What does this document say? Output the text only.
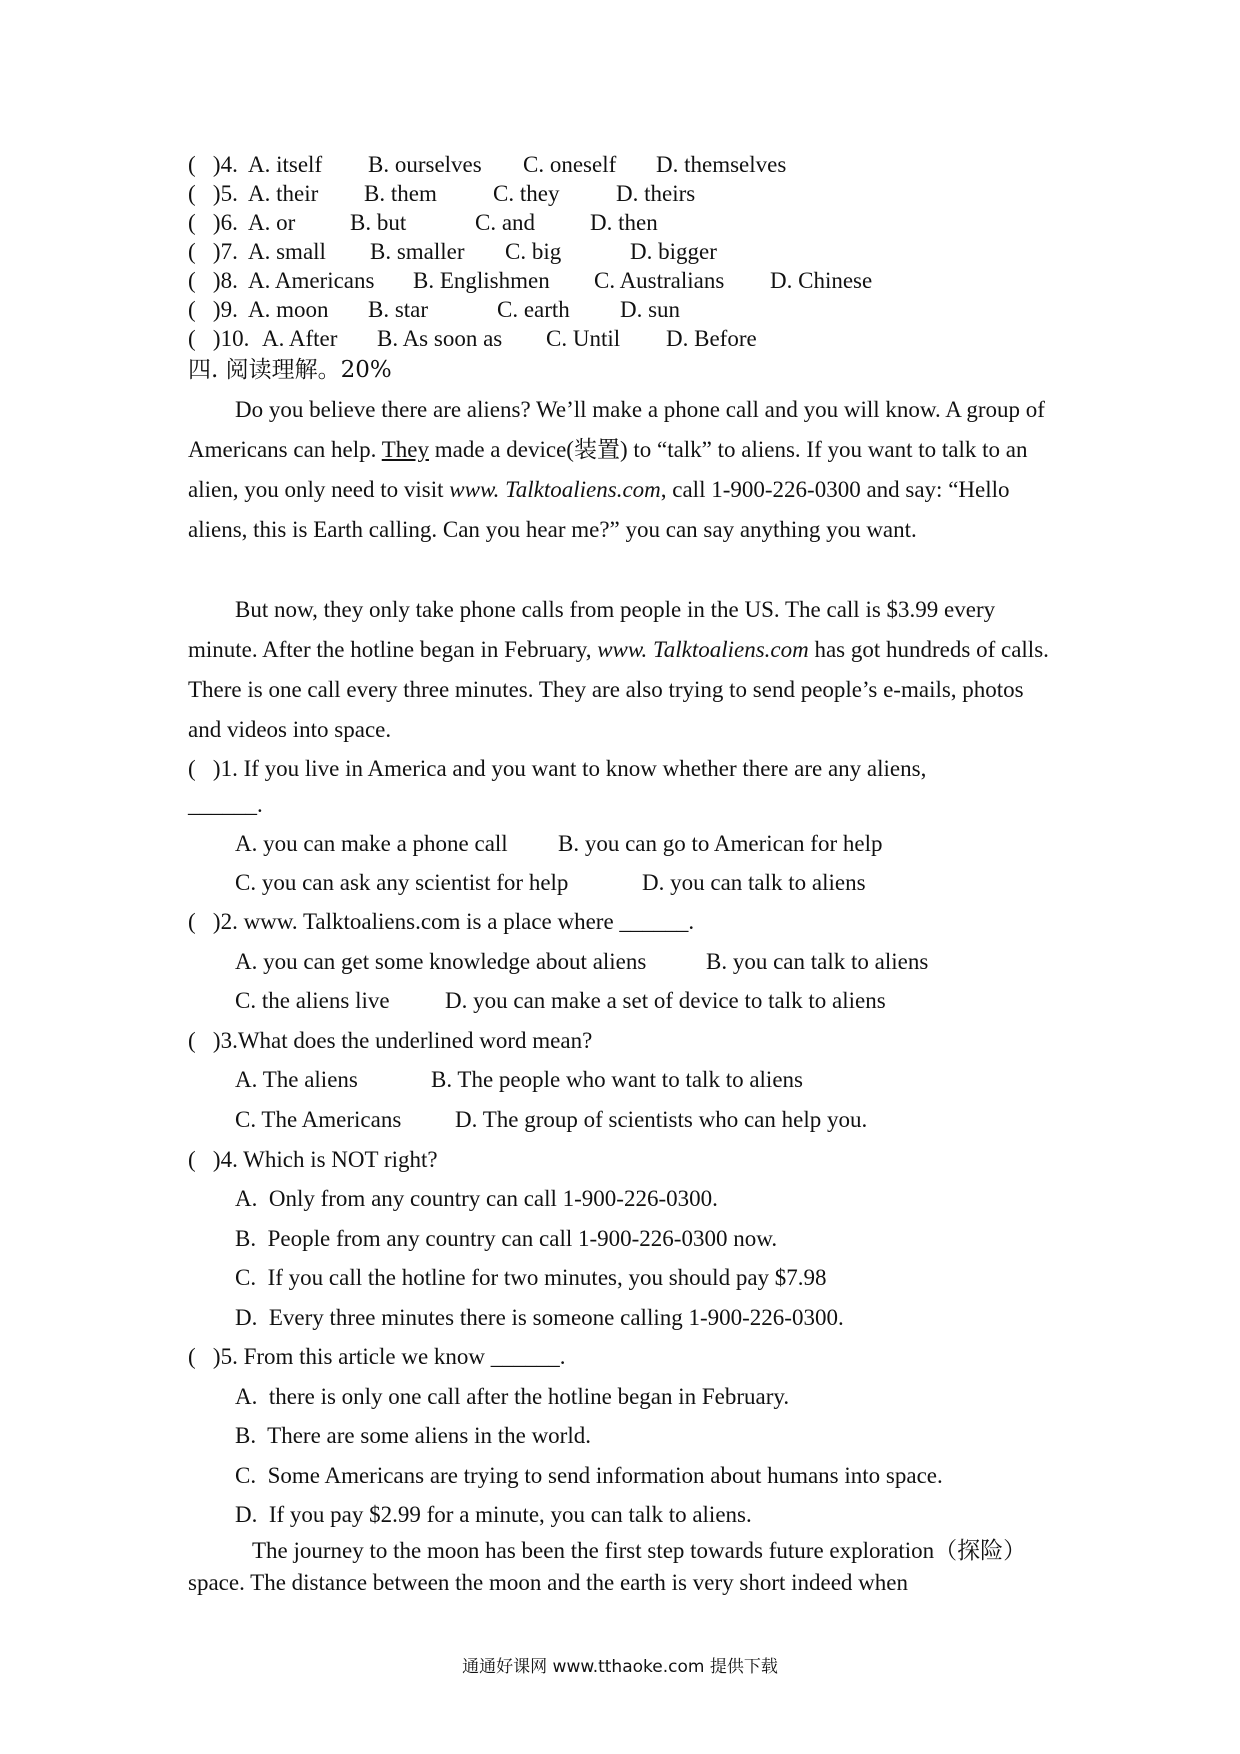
(   )4. A. itself B. ourselves C. oneself D. themselves
(   )5. A. their B. them C. they D. theirs
(   )6. A. or B. but	C. and D. then
(   )7. A. small B. smaller C. big	D. bigger
(   )8. A. Americans B. Englishmen C. Australians D. Chinese
(   )9. A. moon B. star	C. earth D. sun
(   )10. A. After B. As soon as C. Until D. Before
四. 阅读理解。20%
Do you believe there are aliens? We’ll make a phone call and you will know. A group of Americans can help. They made a device(装置) to “talk” to aliens. If you want to talk to an alien, you only need to visit www. Talktoaliens.com, call 1-900-226-0300 and say: “Hello aliens, this is Earth calling. Can you hear me?” you can say anything you want.
But now, they only take phone calls from people in the US. The call is $3.99 every minute. After the hotline began in February, www. Talktoaliens.com has got hundreds of calls. There is one call every three minutes. They are also trying to send people’s e-mails, photos and videos into space.
(   )1. If you live in America and you want to know whether there are any aliens,
______.
A. you can make a phone call B. you can go to American for help
C. you can ask any scientist for help	D. you can talk to aliens
(   )2. www. Talktoaliens.com is a place where ______.
A. you can get some knowledge about aliens	B. you can talk to aliens
C. the aliens live D. you can make a set of device to talk to aliens
(   )3.What does the underlined word mean?
A. The aliens	B. The people who want to talk to aliens
C. The Americans D. The group of scientists who can help you.
(   )4. Which is NOT right?
A.  Only from any country can call 1-900-226-0300.
B.  People from any country can call 1-900-226-0300 now.
C.  If you call the hotline for two minutes, you should pay $7.98
D.  Every three minutes there is someone calling 1-900-226-0300.
(   )5. From this article we know ______.
A.  there is only one call after the hotline began in February.
B.  There are some aliens in the world.
C.  Some Americans are trying to send information about humans into space.
D.  If you pay $2.99 for a minute, you can talk to aliens.
The journey to the moon has been the first step towards future exploration（探险）space. The distance between the moon and the earth is very short indeed when
通通好课网 www.tthaoke.com 提供下载
